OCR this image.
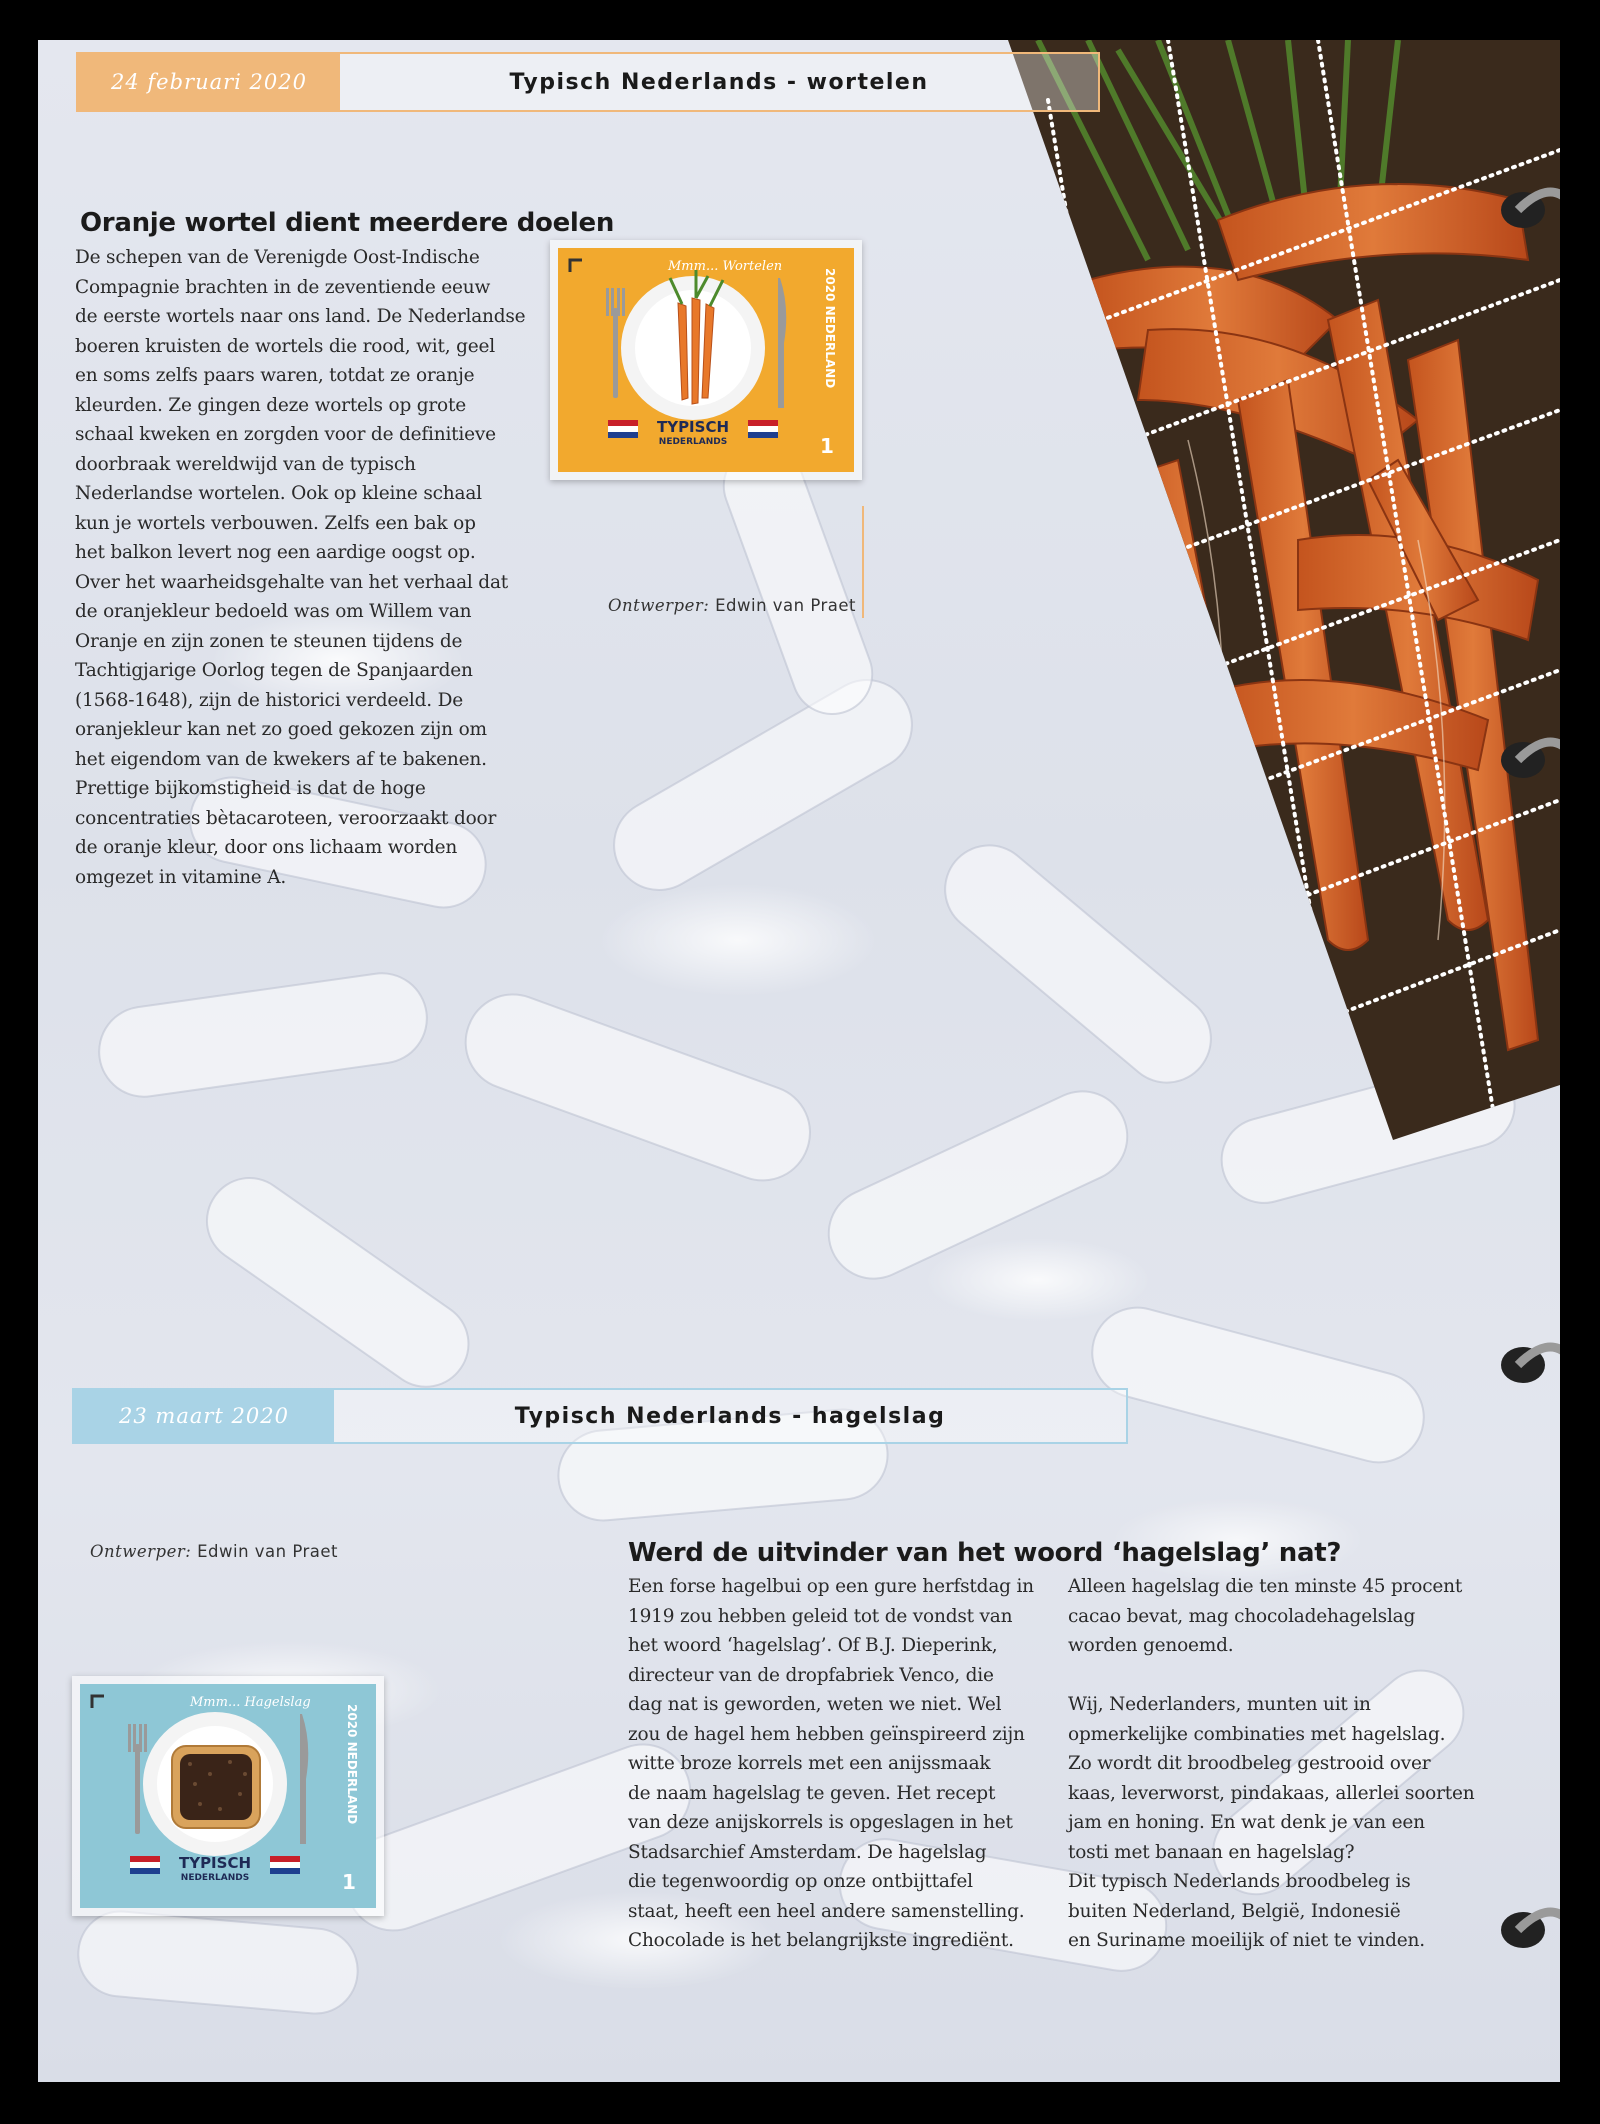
24 februari 2020	Typisch Nederlands - wortelen
Oranje wortel dient meerdere doelen
De schepen van de Verenigde Oost-Indische
Compagnie brachten in de zeventiende eeuw
de eerste wortels naar ons land. De Nederlandse
boeren kruisten de wortels die rood, wit, geel
en soms zelfs paars waren, totdat ze oranje
kleurden. Ze gingen deze wortels op grote
schaal kweken en zorgden voor de definitieve
doorbraak wereldwijd van de typisch
Nederlandse wortelen. Ook op kleine schaal
kun je wortels verbouwen. Zelfs een bak op
het balkon levert nog een aardige oogst op.
Over het waarheidsgehalte van het verhaal dat
de oranjekleur bedoeld was om Willem van
Oranje en zijn zonen te steunen tijdens de
Tachtigjarige Oorlog tegen de Spanjaarden
(1568-1648), zijn de historici verdeeld. De
oranjekleur kan net zo goed gekozen zijn om
het eigendom van de kwekers af te bakenen.
Prettige bijkomstigheid is dat de hoge
concentraties bètacaroteen, veroorzaakt door
de oranje kleur, door ons lichaam worden
omgezet in vitamine A.
Mmm... Wortelen
2020 NEDERLAND
TYPISCH
NEDERLANDS	1
Ontwerper: Edwin van Praet
23 maart 2020	Typisch Nederlands - hagelslag
Ontwerper: Edwin van Praet
Mmm... Hagelslag
2020 NEDERLAND
TYPISCH
NEDERLANDS	1
Werd de uitvinder van het woord ‘hagelslag’ nat?
Een forse hagelbui op een gure herfstdag in
1919 zou hebben geleid tot de vondst van
het woord ‘hagelslag’. Of B.J. Dieperink,
directeur van de dropfabriek Venco, die
dag nat is geworden, weten we niet. Wel
zou de hagel hem hebben geïnspireerd zijn
witte broze korrels met een anijssmaak
de naam hagelslag te geven. Het recept
van deze anijskorrels is opgeslagen in het
Stadsarchief Amsterdam. De hagelslag
die tegenwoordig op onze ontbijttafel
staat, heeft een heel andere samenstelling.
Chocolade is het belangrijkste ingrediënt.
Alleen hagelslag die ten minste 45 procent
cacao bevat, mag chocoladehagelslag
worden genoemd.

Wij, Nederlanders, munten uit in
opmerkelijke combinaties met hagelslag.
Zo wordt dit broodbeleg gestrooid over
kaas, leverworst, pindakaas, allerlei soorten
jam en honing. En wat denk je van een
tosti met banaan en hagelslag?
Dit typisch Nederlands broodbeleg is
buiten Nederland, België, Indonesië
en Suriname moeilijk of niet te vinden.
